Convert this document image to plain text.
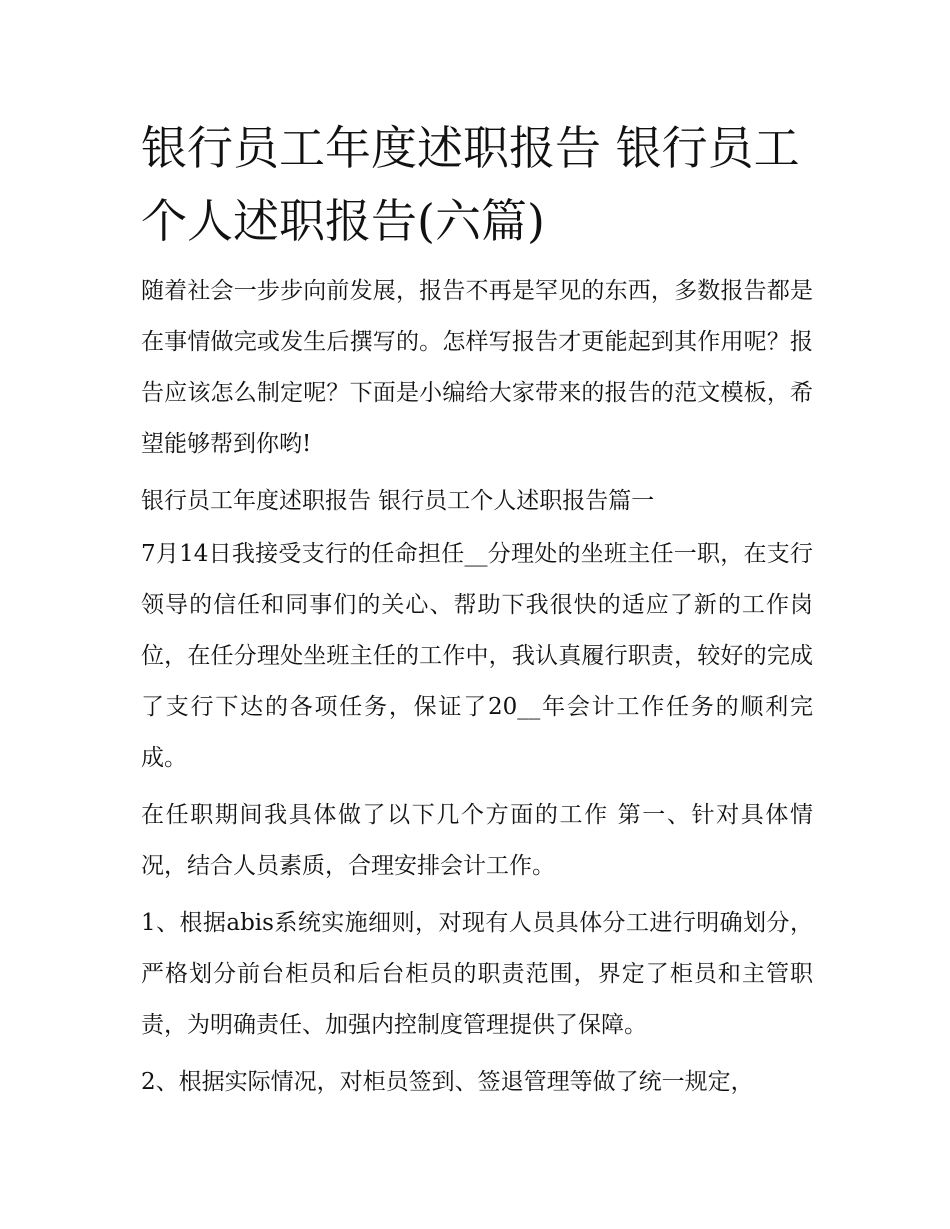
银行员工年度述职报告 银行员工个人述职报告(六篇)

随着社会一步步向前发展，报告不再是罕见的东西，多数报告都是在事情做完或发生后撰写的。怎样写报告才更能起到其作用呢？报告应该怎么制定呢？下面是小编给大家带来的报告的范文模板，希望能够帮到你哟!

银行员工年度述职报告 银行员工个人述职报告篇一

7月14日我接受支行的任命担任__分理处的坐班主任一职，在支行领导的信任和同事们的关心、帮助下我很快的适应了新的工作岗位，在任分理处坐班主任的工作中，我认真履行职责，较好的完成了支行下达的各项任务，保证了20__年会计工作任务的顺利完成。

在任职期间我具体做了以下几个方面的工作 第一、针对具体情况，结合人员素质，合理安排会计工作。

1、根据abis系统实施细则，对现有人员具体分工进行明确划分，严格划分前台柜员和后台柜员的职责范围，界定了柜员和主管职责，为明确责任、加强内控制度管理提供了保障。

2、根据实际情况，对柜员签到、签退管理等做了统一规定，
